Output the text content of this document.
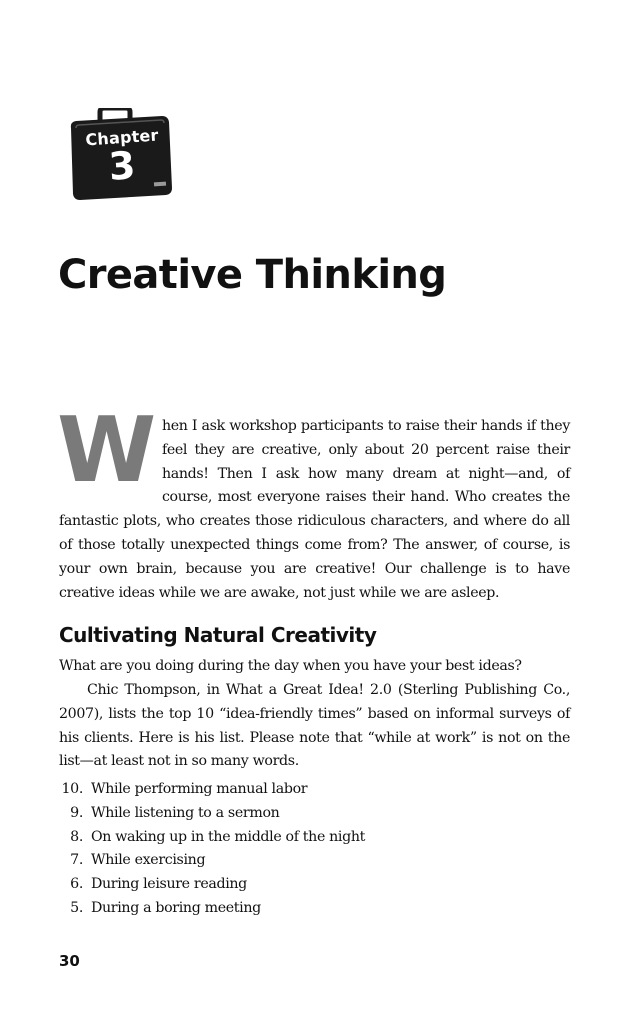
Chapter
3
Creative Thinking

When I ask workshop participants to raise their hands if they feel they are creative, only about 20 percent raise their hands! Then I ask how many dream at night—and, of course, most everyone raises their hand. Who creates the fantastic plots, who creates those ridiculous characters, and where do all of those totally unexpected things come from? The answer, of course, is your own brain, because you are creative! Our challenge is to have creative ideas while we are awake, not just while we are asleep.

Cultivating Natural Creativity

What are you doing during the day when you have your best ideas?

Chic Thompson, in What a Great Idea! 2.0 (Sterling Publishing Co., 2007), lists the top 10 “idea-friendly times” based on informal surveys of his clients. Here is his list. Please note that “while at work” is not on the list—at least not in so many words.

10. While performing manual labor
9. While listening to a sermon
8. On waking up in the middle of the night
7. While exercising
6. During leisure reading
5. During a boring meeting
30
